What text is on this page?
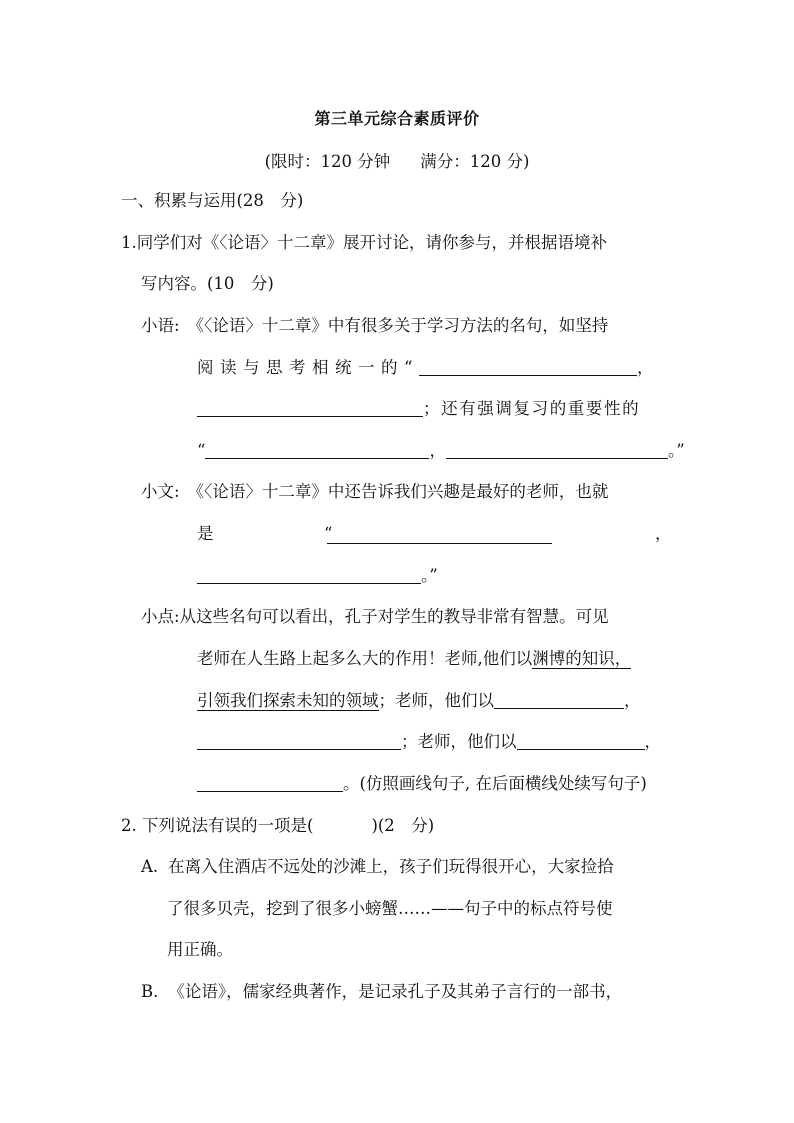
第三单元综合素质评价
(限时：120 分钟 满分：120 分)
一、积累与运用(28　分)
1.同学们对《〈论语〉十二章》展开讨论，请你参与，并根据语境补
写内容。(10　分)
小语: 《〈论语〉十二章》中有很多关于学习方法的名句，如坚持
阅读与思考相统一的“	，
；还有强调复习的重要性的
“	，	。”
小文: 《〈论语〉十二章》中还告诉我们兴趣是最好的老师，也就
是	“	，
。”
小点:从这些名句可以看出，孔子对学生的教导非常有智慧。可见
老师在人生路上起多么大的作用！老师,他们以渊博的知识，
引领我们探索未知的领域；老师，他们以	，
；老师，他们以	，
。(仿照画线句子, 在后面横线处续写句子)
2. 下列说法有误的一项是(	)(2　分)
A. 在离入住酒店不远处的沙滩上，孩子们玩得很开心，大家捡拾
了很多贝壳，挖到了很多小螃蟹……——句子中的标点符号使
用正确。
B. 《论语》，儒家经典著作，是记录孔子及其弟子言行的一部书，
